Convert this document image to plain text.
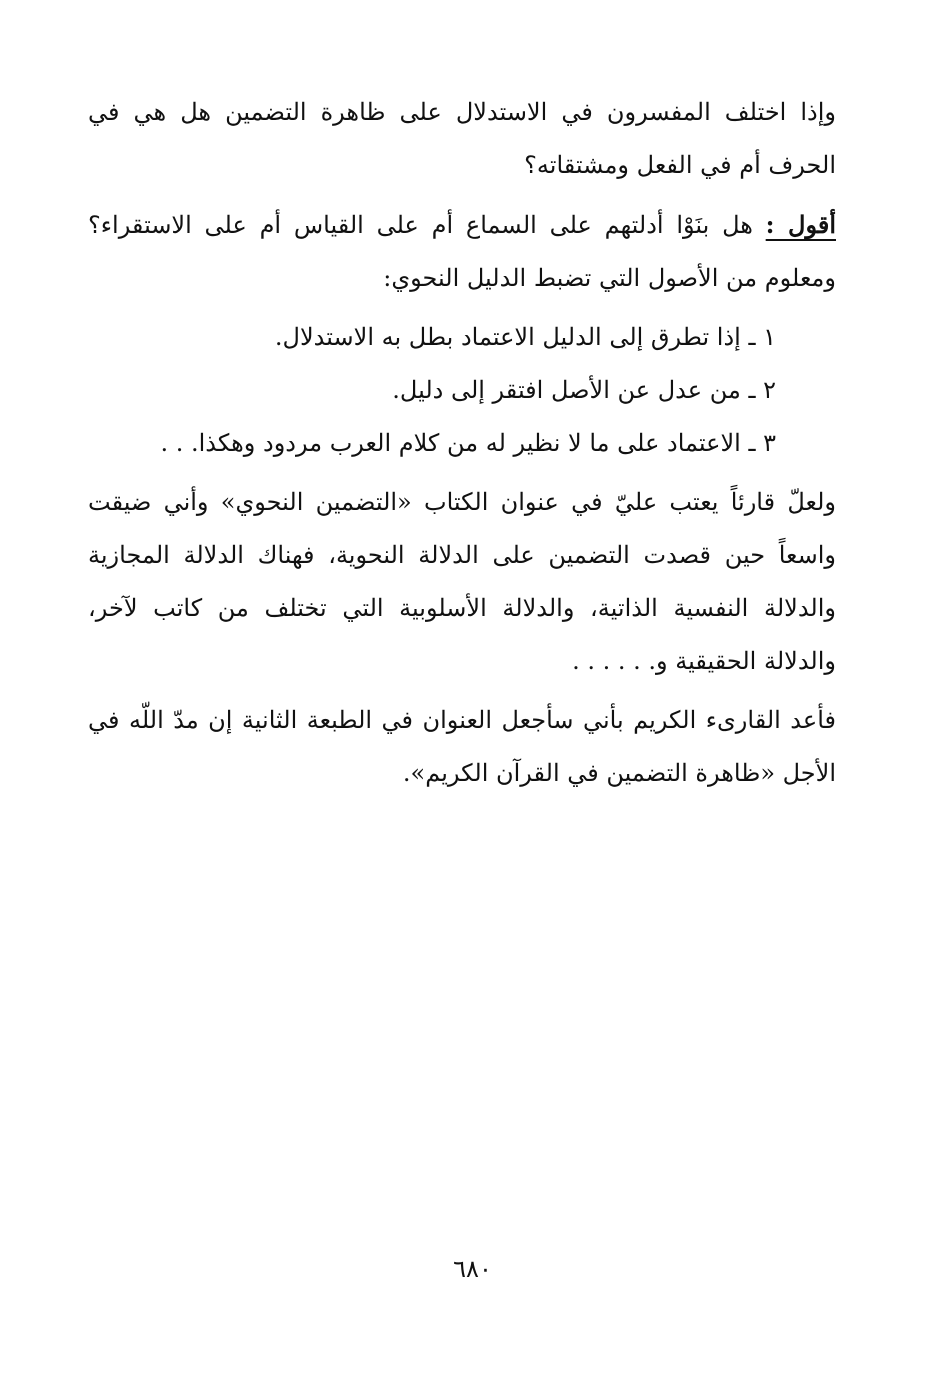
وإذا اختلف المفسرون في الاستدلال على ظاهرة التضمين هل هي في الحرف أم في الفعل ومشتقاته؟

أقول : هل بنَوْا أدلتهم على السماع أم على القياس أم على الاستقراء؟ ومعلوم من الأصول التي تضبط الدليل النحوي:

١ ـ إذا تطرق إلى الدليل الاعتماد بطل به الاستدلال.

٢ ـ من عدل عن الأصل افتقر إلى دليل.

٣ ـ الاعتماد على ما لا نظير له من كلام العرب مردود وهكذا. . .

ولعلّ قارئاً يعتب عليّ في عنوان الكتاب «التضمين النحوي» وأني ضيقت واسعاً حين قصدت التضمين على الدلالة النحوية، فهناك الدلالة المجازية والدلالة النفسية الذاتية، والدلالة الأسلوبية التي تختلف من كاتب لآخر، والدلالة الحقيقية و. . . . . .

فأعد القارىء الكريم بأني سأجعل العنوان في الطبعة الثانية إن مدّ اللّه في الأجل «ظاهرة التضمين في القرآن الكريم».

٦٨٠
